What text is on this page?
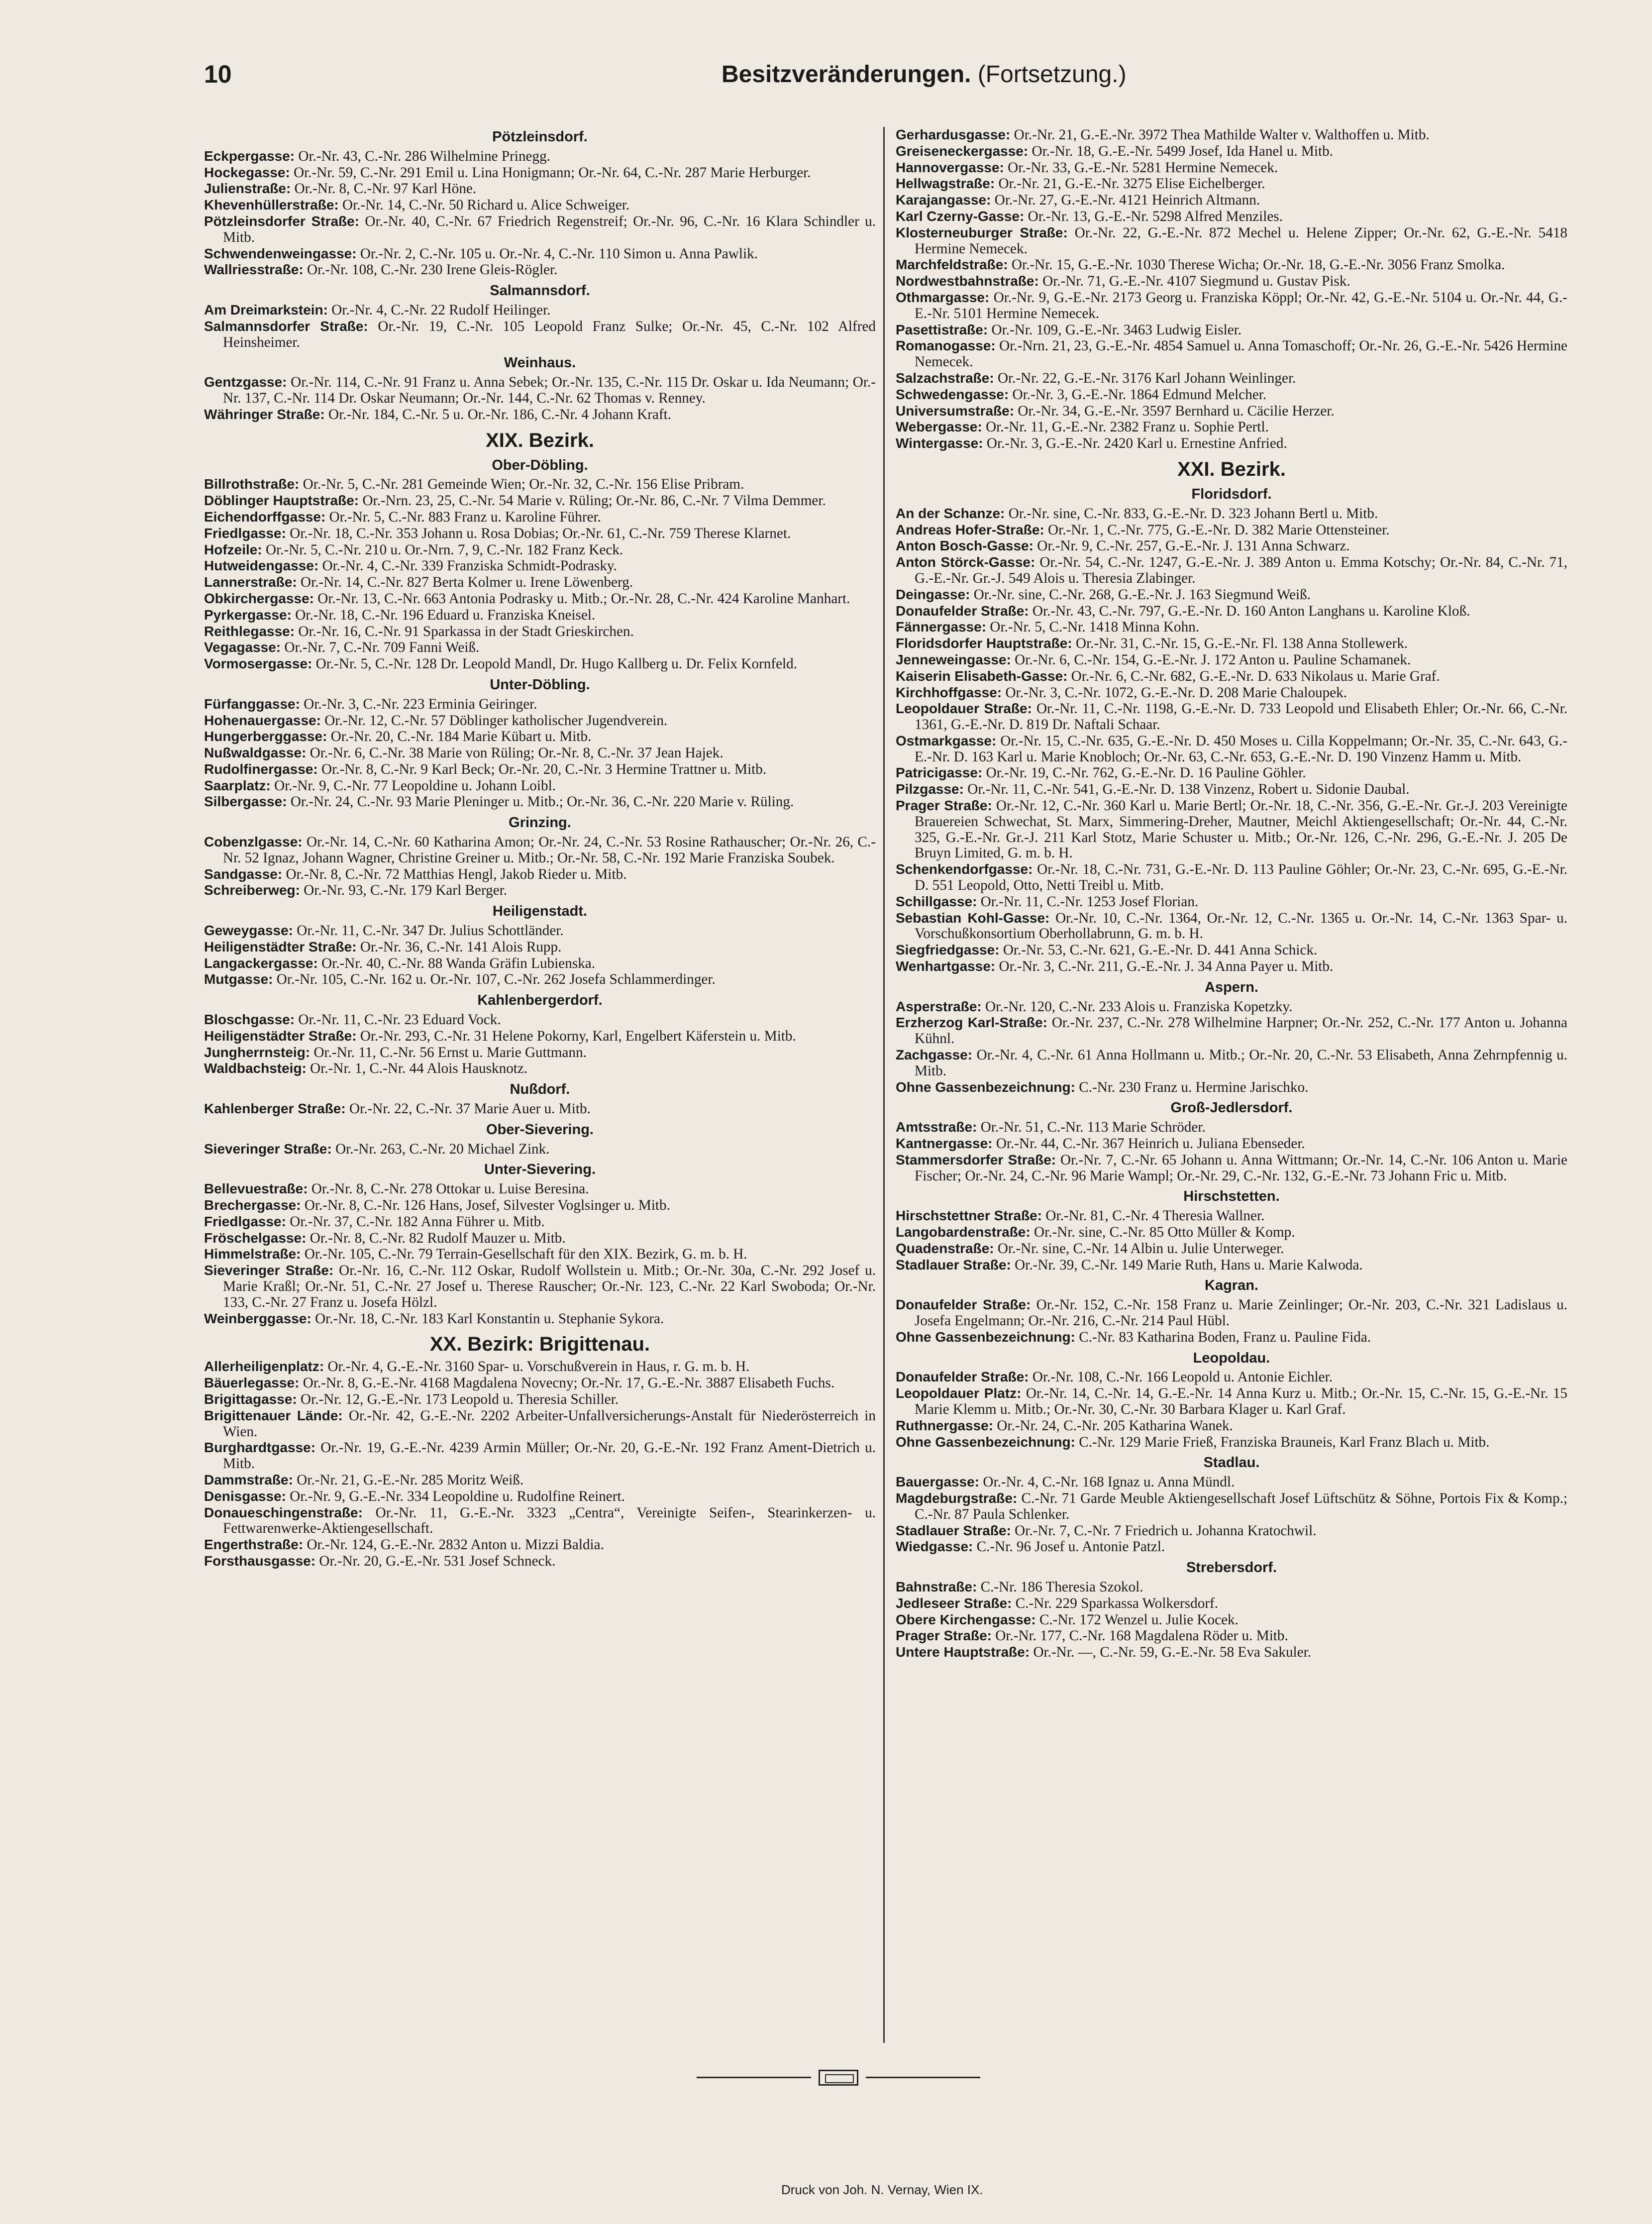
10	Besitzveränderungen. (Fortsetzung.)
Pötzleinsdorf.

Eckpergasse: Or.-Nr. 43, C.-Nr. 286 Wilhelmine Prinegg.

Hockegasse: Or.-Nr. 59, C.-Nr. 291 Emil u. Lina Honigmann; Or.-Nr. 64, C.-Nr. 287 Marie Herburger.

Julienstraße: Or.-Nr. 8, C.-Nr. 97 Karl Höne.

Khevenhüllerstraße: Or.-Nr. 14, C.-Nr. 50 Richard u. Alice Schweiger.

Pötzleinsdorfer Straße: Or.-Nr. 40, C.-Nr. 67 Friedrich Regenstreif; Or.-Nr. 96, C.-Nr. 16 Klara Schindler u. Mitb.

Schwendenweingasse: Or.-Nr. 2, C.-Nr. 105 u. Or.-Nr. 4, C.-Nr. 110 Simon u. Anna Pawlik.

Wallriesstraße: Or.-Nr. 108, C.-Nr. 230 Irene Gleis-Rögler.

Salmannsdorf.

Am Dreimarkstein: Or.-Nr. 4, C.-Nr. 22 Rudolf Heilinger.

Salmannsdorfer Straße: Or.-Nr. 19, C.-Nr. 105 Leopold Franz Sulke; Or.-Nr. 45, C.-Nr. 102 Alfred Heinsheimer.

Weinhaus.

Gentzgasse: Or.-Nr. 114, C.-Nr. 91 Franz u. Anna Sebek; Or.-Nr. 135, C.-Nr. 115 Dr. Oskar u. Ida Neumann; Or.-Nr. 137, C.-Nr. 114 Dr. Oskar Neumann; Or.-Nr. 144, C.-Nr. 62 Thomas v. Renney.

Währinger Straße: Or.-Nr. 184, C.-Nr. 5 u. Or.-Nr. 186, C.-Nr. 4 Johann Kraft.

XIX. Bezirk.
Ober-Döbling.

Billrothstraße: Or.-Nr. 5, C.-Nr. 281 Gemeinde Wien; Or.-Nr. 32, C.-Nr. 156 Elise Pribram.

Döblinger Hauptstraße: Or.-Nrn. 23, 25, C.-Nr. 54 Marie v. Rüling; Or.-Nr. 86, C.-Nr. 7 Vilma Demmer.

Eichendorffgasse: Or.-Nr. 5, C.-Nr. 883 Franz u. Karoline Führer.

Friedlgasse: Or.-Nr. 18, C.-Nr. 353 Johann u. Rosa Dobias; Or.-Nr. 61, C.-Nr. 759 Therese Klarnet.

Hofzeile: Or.-Nr. 5, C.-Nr. 210 u. Or.-Nrn. 7, 9, C.-Nr. 182 Franz Keck.

Hutweidengasse: Or.-Nr. 4, C.-Nr. 339 Franziska Schmidt-Podrasky.

Lannerstraße: Or.-Nr. 14, C.-Nr. 827 Berta Kolmer u. Irene Löwenberg.

Obkirchergasse: Or.-Nr. 13, C.-Nr. 663 Antonia Podrasky u. Mitb.; Or.-Nr. 28, C.-Nr. 424 Karoline Manhart.

Pyrkergasse: Or.-Nr. 18, C.-Nr. 196 Eduard u. Franziska Kneisel.

Reithlegasse: Or.-Nr. 16, C.-Nr. 91 Sparkassa in der Stadt Grieskirchen.

Vegagasse: Or.-Nr. 7, C.-Nr. 709 Fanni Weiß.

Vormosergasse: Or.-Nr. 5, C.-Nr. 128 Dr. Leopold Mandl, Dr. Hugo Kallberg u. Dr. Felix Kornfeld.

Unter-Döbling.

Fürfanggasse: Or.-Nr. 3, C.-Nr. 223 Erminia Geiringer.

Hohenauergasse: Or.-Nr. 12, C.-Nr. 57 Döblinger katholischer Jugendverein.

Hungerberggasse: Or.-Nr. 20, C.-Nr. 184 Marie Kübart u. Mitb.

Nußwaldgasse: Or.-Nr. 6, C.-Nr. 38 Marie von Rüling; Or.-Nr. 8, C.-Nr. 37 Jean Hajek.

Rudolfinergasse: Or.-Nr. 8, C.-Nr. 9 Karl Beck; Or.-Nr. 20, C.-Nr. 3 Hermine Trattner u. Mitb.

Saarplatz: Or.-Nr. 9, C.-Nr. 77 Leopoldine u. Johann Loibl.

Silbergasse: Or.-Nr. 24, C.-Nr. 93 Marie Pleninger u. Mitb.; Or.-Nr. 36, C.-Nr. 220 Marie v. Rüling.

Grinzing.

Cobenzlgasse: Or.-Nr. 14, C.-Nr. 60 Katharina Amon; Or.-Nr. 24, C.-Nr. 53 Rosine Rathauscher; Or.-Nr. 26, C.-Nr. 52 Ignaz, Johann Wagner, Christine Greiner u. Mitb.; Or.-Nr. 58, C.-Nr. 192 Marie Franziska Soubek.

Sandgasse: Or.-Nr. 8, C.-Nr. 72 Matthias Hengl, Jakob Rieder u. Mitb.

Schreiberweg: Or.-Nr. 93, C.-Nr. 179 Karl Berger.

Heiligenstadt.

Geweygasse: Or.-Nr. 11, C.-Nr. 347 Dr. Julius Schottländer.

Heiligenstädter Straße: Or.-Nr. 36, C.-Nr. 141 Alois Rupp.

Langackergasse: Or.-Nr. 40, C.-Nr. 88 Wanda Gräfin Lubienska.

Mutgasse: Or.-Nr. 105, C.-Nr. 162 u. Or.-Nr. 107, C.-Nr. 262 Josefa Schlammerdinger.

Kahlenbergerdorf.

Bloschgasse: Or.-Nr. 11, C.-Nr. 23 Eduard Vock.

Heiligenstädter Straße: Or.-Nr. 293, C.-Nr. 31 Helene Pokorny, Karl, Engelbert Käferstein u. Mitb.

Jungherrnsteig: Or.-Nr. 11, C.-Nr. 56 Ernst u. Marie Guttmann.

Waldbachsteig: Or.-Nr. 1, C.-Nr. 44 Alois Hausknotz.

Nußdorf.

Kahlenberger Straße: Or.-Nr. 22, C.-Nr. 37 Marie Auer u. Mitb.

Ober-Sievering.

Sieveringer Straße: Or.-Nr. 263, C.-Nr. 20 Michael Zink.

Unter-Sievering.

Bellevuestraße: Or.-Nr. 8, C.-Nr. 278 Ottokar u. Luise Beresina.

Brechergasse: Or.-Nr. 8, C.-Nr. 126 Hans, Josef, Silvester Voglsinger u. Mitb.

Friedlgasse: Or.-Nr. 37, C.-Nr. 182 Anna Führer u. Mitb.

Fröschelgasse: Or.-Nr. 8, C.-Nr. 82 Rudolf Mauzer u. Mitb.

Himmelstraße: Or.-Nr. 105, C.-Nr. 79 Terrain-Gesellschaft für den XIX. Bezirk, G. m. b. H.

Sieveringer Straße: Or.-Nr. 16, C.-Nr. 112 Oskar, Rudolf Wollstein u. Mitb.; Or.-Nr. 30a, C.-Nr. 292 Josef u. Marie Kraßl; Or.-Nr. 51, C.-Nr. 27 Josef u. Therese Rauscher; Or.-Nr. 123, C.-Nr. 22 Karl Swoboda; Or.-Nr. 133, C.-Nr. 27 Franz u. Josefa Hölzl.

Weinberggasse: Or.-Nr. 18, C.-Nr. 183 Karl Konstantin u. Stephanie Sykora.

XX. Bezirk: Brigittenau.

Allerheiligenplatz: Or.-Nr. 4, G.-E.-Nr. 3160 Spar- u. Vorschußverein in Haus, r. G. m. b. H.

Bäuerlegasse: Or.-Nr. 8, G.-E.-Nr. 4168 Magdalena Novecny; Or.-Nr. 17, G.-E.-Nr. 3887 Elisabeth Fuchs.

Brigittagasse: Or.-Nr. 12, G.-E.-Nr. 173 Leopold u. Theresia Schiller.

Brigittenauer Lände: Or.-Nr. 42, G.-E.-Nr. 2202 Arbeiter-Unfallversicherungs-Anstalt für Niederösterreich in Wien.

Burghardtgasse: Or.-Nr. 19, G.-E.-Nr. 4239 Armin Müller; Or.-Nr. 20, G.-E.-Nr. 192 Franz Ament-Dietrich u. Mitb.

Dammstraße: Or.-Nr. 21, G.-E.-Nr. 285 Moritz Weiß.

Denisgasse: Or.-Nr. 9, G.-E.-Nr. 334 Leopoldine u. Rudolfine Reinert.

Donaueschingenstraße: Or.-Nr. 11, G.-E.-Nr. 3323 „Centra“, Vereinigte Seifen-, Stearinkerzen- u. Fettwarenwerke-Aktiengesellschaft.

Engerthstraße: Or.-Nr. 124, G.-E.-Nr. 2832 Anton u. Mizzi Baldia.

Forsthausgasse: Or.-Nr. 20, G.-E.-Nr. 531 Josef Schneck.

Gerhardusgasse: Or.-Nr. 21, G.-E.-Nr. 3972 Thea Mathilde Walter v. Walthoffen u. Mitb.

Greiseneckergasse: Or.-Nr. 18, G.-E.-Nr. 5499 Josef, Ida Hanel u. Mitb.

Hannovergasse: Or.-Nr. 33, G.-E.-Nr. 5281 Hermine Nemecek.

Hellwagstraße: Or.-Nr. 21, G.-E.-Nr. 3275 Elise Eichelberger.

Karajangasse: Or.-Nr. 27, G.-E.-Nr. 4121 Heinrich Altmann.

Karl Czerny-Gasse: Or.-Nr. 13, G.-E.-Nr. 5298 Alfred Menziles.

Klosterneuburger Straße: Or.-Nr. 22, G.-E.-Nr. 872 Mechel u. Helene Zipper; Or.-Nr. 62, G.-E.-Nr. 5418 Hermine Nemecek.

Marchfeldstraße: Or.-Nr. 15, G.-E.-Nr. 1030 Therese Wicha; Or.-Nr. 18, G.-E.-Nr. 3056 Franz Smolka.

Nordwestbahnstraße: Or.-Nr. 71, G.-E.-Nr. 4107 Siegmund u. Gustav Pisk.

Othmargasse: Or.-Nr. 9, G.-E.-Nr. 2173 Georg u. Franziska Köppl; Or.-Nr. 42, G.-E.-Nr. 5104 u. Or.-Nr. 44, G.-E.-Nr. 5101 Hermine Nemecek.

Pasettistraße: Or.-Nr. 109, G.-E.-Nr. 3463 Ludwig Eisler.

Romanogasse: Or.-Nrn. 21, 23, G.-E.-Nr. 4854 Samuel u. Anna Tomaschoff; Or.-Nr. 26, G.-E.-Nr. 5426 Hermine Nemecek.

Salzachstraße: Or.-Nr. 22, G.-E.-Nr. 3176 Karl Johann Weinlinger.

Schwedengasse: Or.-Nr. 3, G.-E.-Nr. 1864 Edmund Melcher.

Universumstraße: Or.-Nr. 34, G.-E.-Nr. 3597 Bernhard u. Cäcilie Herzer.

Webergasse: Or.-Nr. 11, G.-E.-Nr. 2382 Franz u. Sophie Pertl.

Wintergasse: Or.-Nr. 3, G.-E.-Nr. 2420 Karl u. Ernestine Anfried.

XXI. Bezirk.
Floridsdorf.

An der Schanze: Or.-Nr. sine, C.-Nr. 833, G.-E.-Nr. D. 323 Johann Bertl u. Mitb.

Andreas Hofer-Straße: Or.-Nr. 1, C.-Nr. 775, G.-E.-Nr. D. 382 Marie Ottensteiner.

Anton Bosch-Gasse: Or.-Nr. 9, C.-Nr. 257, G.-E.-Nr. J. 131 Anna Schwarz.

Anton Störck-Gasse: Or.-Nr. 54, C.-Nr. 1247, G.-E.-Nr. J. 389 Anton u. Emma Kotschy; Or.-Nr. 84, C.-Nr. 71, G.-E.-Nr. Gr.-J. 549 Alois u. Theresia Zlabinger.

Deingasse: Or.-Nr. sine, C.-Nr. 268, G.-E.-Nr. J. 163 Siegmund Weiß.

Donaufelder Straße: Or.-Nr. 43, C.-Nr. 797, G.-E.-Nr. D. 160 Anton Langhans u. Karoline Kloß.

Fännergasse: Or.-Nr. 5, C.-Nr. 1418 Minna Kohn.

Floridsdorfer Hauptstraße: Or.-Nr. 31, C.-Nr. 15, G.-E.-Nr. Fl. 138 Anna Stollewerk.

Jenneweingasse: Or.-Nr. 6, C.-Nr. 154, G.-E.-Nr. J. 172 Anton u. Pauline Schamanek.

Kaiserin Elisabeth-Gasse: Or.-Nr. 6, C.-Nr. 682, G.-E.-Nr. D. 633 Nikolaus u. Marie Graf.

Kirchhoffgasse: Or.-Nr. 3, C.-Nr. 1072, G.-E.-Nr. D. 208 Marie Chaloupek.

Leopoldauer Straße: Or.-Nr. 11, C.-Nr. 1198, G.-E.-Nr. D. 733 Leopold und Elisabeth Ehler; Or.-Nr. 66, C.-Nr. 1361, G.-E.-Nr. D. 819 Dr. Naftali Schaar.

Ostmarkgasse: Or.-Nr. 15, C.-Nr. 635, G.-E.-Nr. D. 450 Moses u. Cilla Koppelmann; Or.-Nr. 35, C.-Nr. 643, G.-E.-Nr. D. 163 Karl u. Marie Knobloch; Or.-Nr. 63, C.-Nr. 653, G.-E.-Nr. D. 190 Vinzenz Hamm u. Mitb.

Patricigasse: Or.-Nr. 19, C.-Nr. 762, G.-E.-Nr. D. 16 Pauline Göhler.

Pilzgasse: Or.-Nr. 11, C.-Nr. 541, G.-E.-Nr. D. 138 Vinzenz, Robert u. Sidonie Daubal.

Prager Straße: Or.-Nr. 12, C.-Nr. 360 Karl u. Marie Bertl; Or.-Nr. 18, C.-Nr. 356, G.-E.-Nr. Gr.-J. 203 Vereinigte Brauereien Schwechat, St. Marx, Simmering-Dreher, Mautner, Meichl Aktiengesellschaft; Or.-Nr. 44, C.-Nr. 325, G.-E.-Nr. Gr.-J. 211 Karl Stotz, Marie Schuster u. Mitb.; Or.-Nr. 126, C.-Nr. 296, G.-E.-Nr. J. 205 De Bruyn Limited, G. m. b. H.

Schenkendorfgasse: Or.-Nr. 18, C.-Nr. 731, G.-E.-Nr. D. 113 Pauline Göhler; Or.-Nr. 23, C.-Nr. 695, G.-E.-Nr. D. 551 Leopold, Otto, Netti Treibl u. Mitb.

Schillgasse: Or.-Nr. 11, C.-Nr. 1253 Josef Florian.

Sebastian Kohl-Gasse: Or.-Nr. 10, C.-Nr. 1364, Or.-Nr. 12, C.-Nr. 1365 u. Or.-Nr. 14, C.-Nr. 1363 Spar- u. Vorschußkonsortium Oberhollabrunn, G. m. b. H.

Siegfriedgasse: Or.-Nr. 53, C.-Nr. 621, G.-E.-Nr. D. 441 Anna Schick.

Wenhartgasse: Or.-Nr. 3, C.-Nr. 211, G.-E.-Nr. J. 34 Anna Payer u. Mitb.

Aspern.

Asperstraße: Or.-Nr. 120, C.-Nr. 233 Alois u. Franziska Kopetzky.

Erzherzog Karl-Straße: Or.-Nr. 237, C.-Nr. 278 Wilhelmine Harpner; Or.-Nr. 252, C.-Nr. 177 Anton u. Johanna Kühnl.

Zachgasse: Or.-Nr. 4, C.-Nr. 61 Anna Hollmann u. Mitb.; Or.-Nr. 20, C.-Nr. 53 Elisabeth, Anna Zehrnpfennig u. Mitb.

Ohne Gassenbezeichnung: C.-Nr. 230 Franz u. Hermine Jarischko.

Groß-Jedlersdorf.

Amtsstraße: Or.-Nr. 51, C.-Nr. 113 Marie Schröder.

Kantnergasse: Or.-Nr. 44, C.-Nr. 367 Heinrich u. Juliana Ebenseder.

Stammersdorfer Straße: Or.-Nr. 7, C.-Nr. 65 Johann u. Anna Wittmann; Or.-Nr. 14, C.-Nr. 106 Anton u. Marie Fischer; Or.-Nr. 24, C.-Nr. 96 Marie Wampl; Or.-Nr. 29, C.-Nr. 132, G.-E.-Nr. 73 Johann Fric u. Mitb.

Hirschstetten.

Hirschstettner Straße: Or.-Nr. 81, C.-Nr. 4 Theresia Wallner.

Langobardenstraße: Or.-Nr. sine, C.-Nr. 85 Otto Müller & Komp.

Quadenstraße: Or.-Nr. sine, C.-Nr. 14 Albin u. Julie Unterweger.

Stadlauer Straße: Or.-Nr. 39, C.-Nr. 149 Marie Ruth, Hans u. Marie Kalwoda.

Kagran.

Donaufelder Straße: Or.-Nr. 152, C.-Nr. 158 Franz u. Marie Zeinlinger; Or.-Nr. 203, C.-Nr. 321 Ladislaus u. Josefa Engelmann; Or.-Nr. 216, C.-Nr. 214 Paul Hübl.

Ohne Gassenbezeichnung: C.-Nr. 83 Katharina Boden, Franz u. Pauline Fida.

Leopoldau.

Donaufelder Straße: Or.-Nr. 108, C.-Nr. 166 Leopold u. Antonie Eichler.

Leopoldauer Platz: Or.-Nr. 14, C.-Nr. 14, G.-E.-Nr. 14 Anna Kurz u. Mitb.; Or.-Nr. 15, C.-Nr. 15, G.-E.-Nr. 15 Marie Klemm u. Mitb.; Or.-Nr. 30, C.-Nr. 30 Barbara Klager u. Karl Graf.

Ruthnergasse: Or.-Nr. 24, C.-Nr. 205 Katharina Wanek.

Ohne Gassenbezeichnung: C.-Nr. 129 Marie Frieß, Franziska Brauneis, Karl Franz Blach u. Mitb.

Stadlau.

Bauergasse: Or.-Nr. 4, C.-Nr. 168 Ignaz u. Anna Mündl.

Magdeburgstraße: C.-Nr. 71 Garde Meuble Aktiengesellschaft Josef Lüftschütz & Söhne, Portois Fix & Komp.; C.-Nr. 87 Paula Schlenker.

Stadlauer Straße: Or.-Nr. 7, C.-Nr. 7 Friedrich u. Johanna Kratochwil.

Wiedgasse: C.-Nr. 96 Josef u. Antonie Patzl.

Strebersdorf.

Bahnstraße: C.-Nr. 186 Theresia Szokol.

Jedleseer Straße: C.-Nr. 229 Sparkassa Wolkersdorf.

Obere Kirchengasse: C.-Nr. 172 Wenzel u. Julie Kocek.

Prager Straße: Or.-Nr. 177, C.-Nr. 168 Magdalena Röder u. Mitb.

Untere Hauptstraße: Or.-Nr. —, C.-Nr. 59, G.-E.-Nr. 58 Eva Sakuler.

Druck von Joh. N. Vernay, Wien IX.
